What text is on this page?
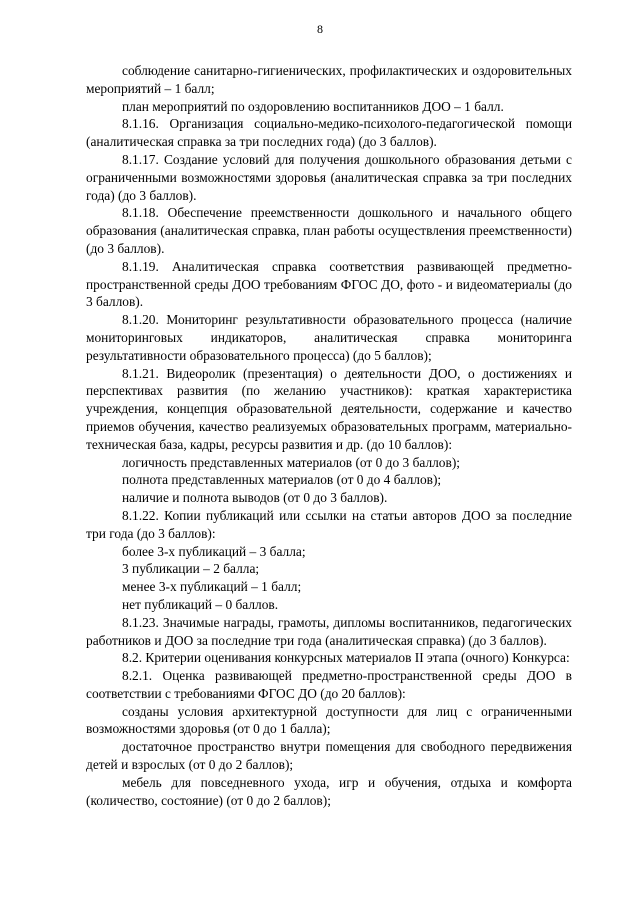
8

соблюдение санитарно-гигиенических, профилактических и оздоровительных мероприятий – 1 балл;

план мероприятий по оздоровлению воспитанников ДОО – 1 балл.

8.1.16. Организация социально-медико-психолого-педагогической помощи (аналитическая справка за три последних года) (до 3 баллов).

8.1.17. Создание условий для получения дошкольного образования детьми с ограниченными возможностями здоровья (аналитическая справка за три последних года) (до 3 баллов).

8.1.18. Обеспечение преемственности дошкольного и начального общего образования (аналитическая справка, план работы осуществления преемственности) (до 3 баллов).

8.1.19. Аналитическая справка соответствия развивающей предметно-пространственной среды ДОО требованиям ФГОС ДО, фото - и видеоматериалы (до 3 баллов).

8.1.20. Мониторинг результативности образовательного процесса (наличие мониторинговых индикаторов, аналитическая справка мониторинга результативности образовательного процесса) (до 5 баллов);

8.1.21. Видеоролик (презентация) о деятельности ДОО, о достижениях и перспективах развития (по желанию участников): краткая характеристика учреждения, концепция образовательной деятельности, содержание и качество приемов обучения, качество реализуемых образовательных программ, материально-техническая база, кадры, ресурсы развития и др. (до 10 баллов):

логичность представленных материалов (от 0 до 3 баллов);

полнота представленных материалов (от 0 до 4 баллов);

наличие и полнота выводов (от 0 до 3 баллов).

8.1.22. Копии публикаций или ссылки на статьи авторов ДОО за последние три года (до 3 баллов):

более 3-х публикаций – 3 балла;

3 публикации – 2 балла;

менее 3-х публикаций – 1 балл;

нет публикаций – 0 баллов.

8.1.23. Значимые награды, грамоты, дипломы воспитанников, педагогических работников и ДОО за последние три года (аналитическая справка) (до 3 баллов).

8.2. Критерии оценивания конкурсных материалов II этапа (очного) Конкурса:

8.2.1. Оценка развивающей предметно-пространственной среды ДОО в соответствии с требованиями ФГОС ДО (до 20 баллов):

созданы условия архитектурной доступности для лиц с ограниченными возможностями здоровья (от 0 до 1 балла);

достаточное пространство внутри помещения для свободного передвижения детей и взрослых (от 0 до 2 баллов);

мебель для повседневного ухода, игр и обучения, отдыха и комфорта (количество, состояние) (от 0 до 2 баллов);
